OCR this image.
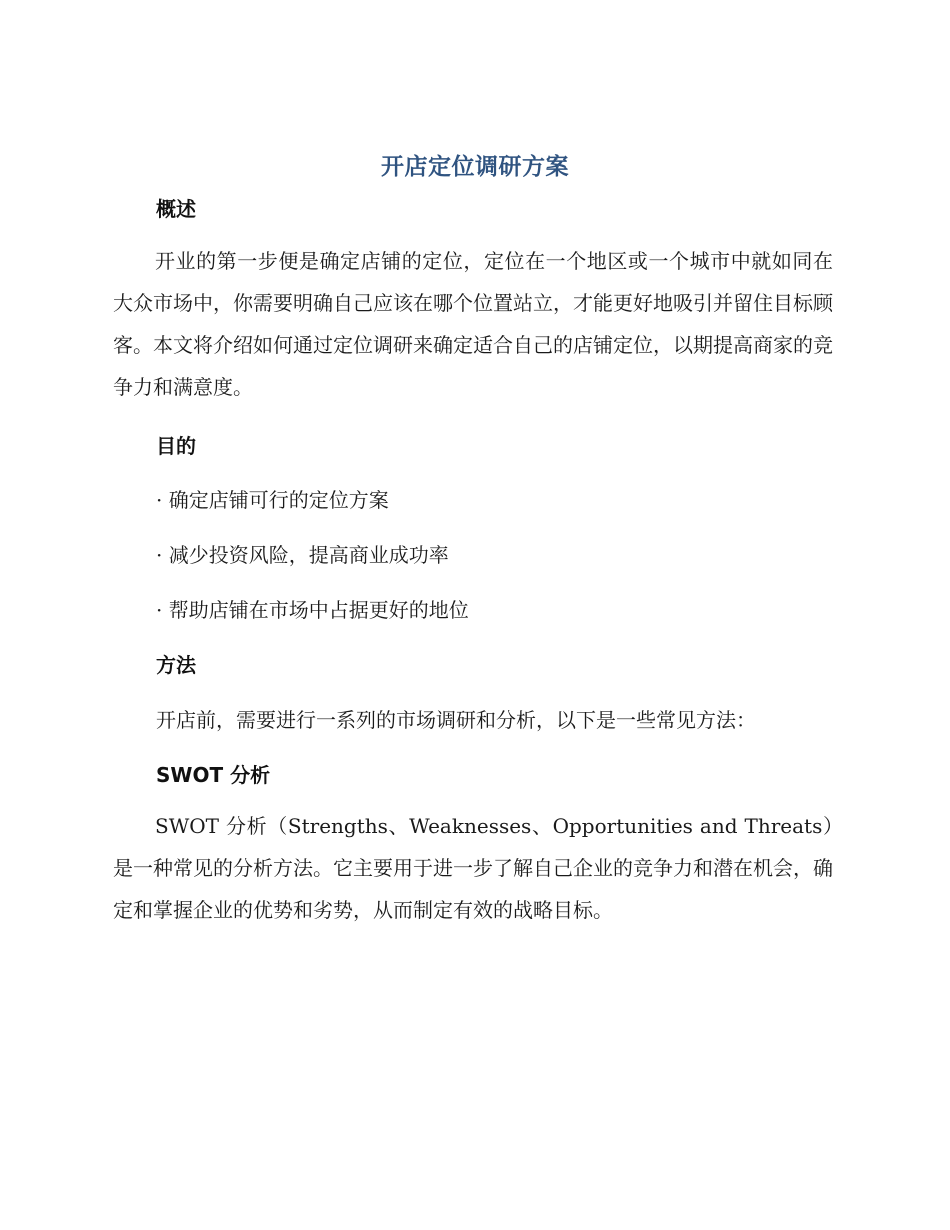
开店定位调研方案
概述

开业的第一步便是确定店铺的定位，定位在一个地区或一个城市中就如同在大众市场中，你需要明确自己应该在哪个位置站立，才能更好地吸引并留住目标顾客。本文将介绍如何通过定位调研来确定适合自己的店铺定位，以期提高商家的竞争力和满意度。

目的
· 确定店铺可行的定位方案
· 减少投资风险，提高商业成功率
· 帮助店铺在市场中占据更好的地位
方法
开店前，需要进行一系列的市场调研和分析，以下是一些常见方法：
SWOT 分析

SWOT 分析（Strengths、Weaknesses、Opportunities and Threats）是一种常见的分析方法。它主要用于进一步了解自己企业的竞争力和潜在机会，确定和掌握企业的优势和劣势，从而制定有效的战略目标。
